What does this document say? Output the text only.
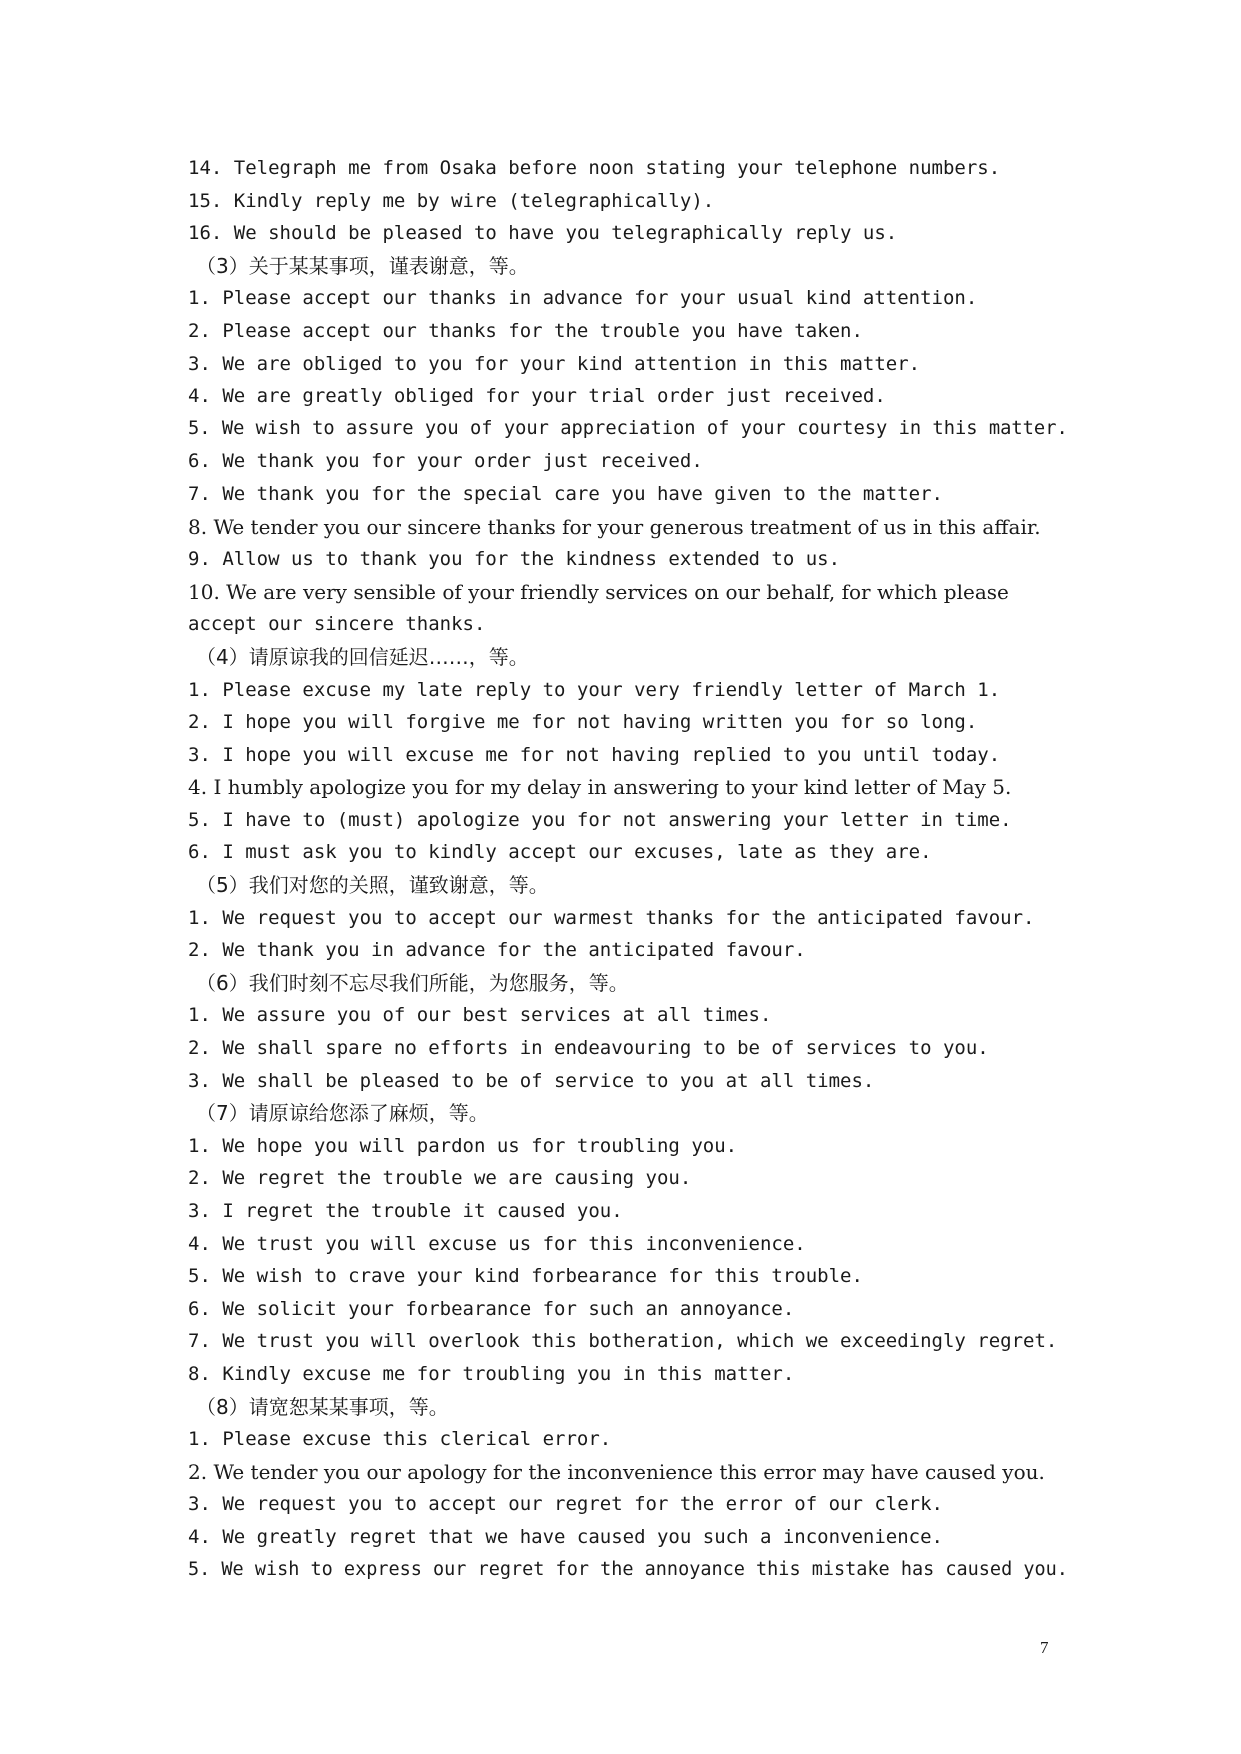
14. Telegraph me from Osaka before noon stating your telephone numbers.
15. Kindly reply me by wire (telegraphically).
16. We should be pleased to have you telegraphically reply us.
（3）关于某某事项，谨表谢意，等。
1. Please accept our thanks in advance for your usual kind attention.
2. Please accept our thanks for the trouble you have taken.
3. We are obliged to you for your kind attention in this matter.
4. We are greatly obliged for your trial order just received.
5. We wish to assure you of your appreciation of your courtesy in this matter.
6. We thank you for your order just received.
7. We thank you for the special care you have given to the matter.
8. We tender you our sincere thanks for your generous treatment of us in this affair.
9. Allow us to thank you for the kindness extended to us.
10. We are very sensible of your friendly services on our behalf, for which please
accept our sincere thanks.
（4）请原谅我的回信延迟……，等。
1. Please excuse my late reply to your very friendly letter of March 1.
2. I hope you will forgive me for not having written you for so long.
3. I hope you will excuse me for not having replied to you until today.
4. I humbly apologize you for my delay in answering to your kind letter of May 5.
5. I have to (must) apologize you for not answering your letter in time.
6. I must ask you to kindly accept our excuses, late as they are.
（5）我们对您的关照，谨致谢意，等。
1. We request you to accept our warmest thanks for the anticipated favour.
2. We thank you in advance for the anticipated favour.
（6）我们时刻不忘尽我们所能，为您服务，等。
1. We assure you of our best services at all times.
2. We shall spare no efforts in endeavouring to be of services to you.
3. We shall be pleased to be of service to you at all times.
（7）请原谅给您添了麻烦，等。
1. We hope you will pardon us for troubling you.
2. We regret the trouble we are causing you.
3. I regret the trouble it caused you.
4. We trust you will excuse us for this inconvenience.
5. We wish to crave your kind forbearance for this trouble.
6. We solicit your forbearance for such an annoyance.
7. We trust you will overlook this botheration, which we exceedingly regret.
8. Kindly excuse me for troubling you in this matter.
（8）请宽恕某某事项，等。
1. Please excuse this clerical error.
2. We tender you our apology for the inconvenience this error may have caused you.
3. We request you to accept our regret for the error of our clerk.
4. We greatly regret that we have caused you such a inconvenience.
5. We wish to express our regret for the annoyance this mistake has caused you.
7
